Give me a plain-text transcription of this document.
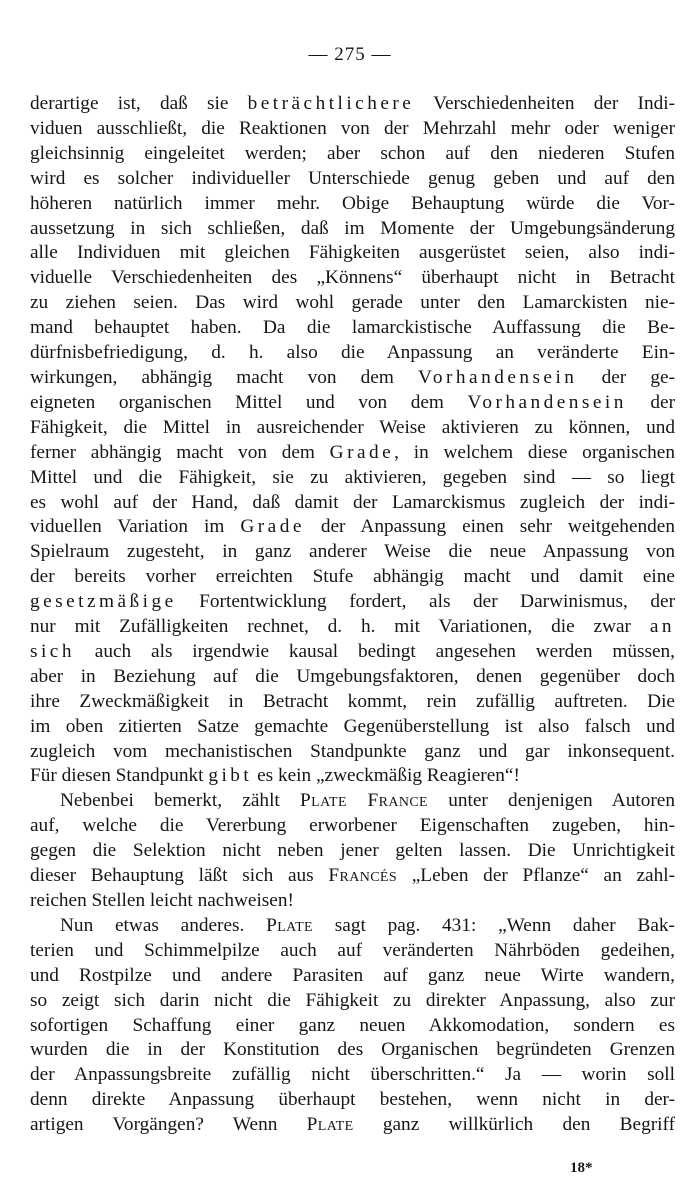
— 275 —
derartige ist, daß sie beträchtlichere Verschiedenheiten der Indi-
viduen ausschließt, die Reaktionen von der Mehrzahl mehr oder weniger
gleichsinnig eingeleitet werden; aber schon auf den niederen Stufen
wird es solcher individueller Unterschiede genug geben und auf den
höheren natürlich immer mehr. Obige Behauptung würde die Vor-
aussetzung in sich schließen, daß im Momente der Umgebungsänderung
alle Individuen mit gleichen Fähigkeiten ausgerüstet seien, also indi-
viduelle Verschiedenheiten des „Könnens“ überhaupt nicht in Betracht
zu ziehen seien. Das wird wohl gerade unter den Lamarckisten nie-
mand behauptet haben. Da die lamarckistische Auffassung die Be-
dürfnisbefriedigung, d. h. also die Anpassung an veränderte Ein-
wirkungen, abhängig macht von dem Vorhandensein der ge-
eigneten organischen Mittel und von dem Vorhandensein der
Fähigkeit, die Mittel in ausreichender Weise aktivieren zu können, und
ferner abhängig macht von dem Grade, in welchem diese organischen
Mittel und die Fähigkeit, sie zu aktivieren, gegeben sind — so liegt
es wohl auf der Hand, daß damit der Lamarckismus zugleich der indi-
viduellen Variation im Grade der Anpassung einen sehr weitgehenden
Spielraum zugesteht, in ganz anderer Weise die neue Anpassung von
der bereits vorher erreichten Stufe abhängig macht und damit eine
gesetzmäßige Fortentwicklung fordert, als der Darwinismus, der
nur mit Zufälligkeiten rechnet, d. h. mit Variationen, die zwar an
sich auch als irgendwie kausal bedingt angesehen werden müssen,
aber in Beziehung auf die Umgebungsfaktoren, denen gegenüber doch
ihre Zweckmäßigkeit in Betracht kommt, rein zufällig auftreten. Die
im oben zitierten Satze gemachte Gegenüberstellung ist also falsch und
zugleich vom mechanistischen Standpunkte ganz und gar inkonsequent.
Für diesen Standpunkt gibt es kein „zweckmäßig Reagieren“!
Nebenbei bemerkt, zählt Plate France unter denjenigen Autoren
auf, welche die Vererbung erworbener Eigenschaften zugeben, hin-
gegen die Selektion nicht neben jener gelten lassen. Die Unrichtigkeit
dieser Behauptung läßt sich aus Francés „Leben der Pflanze“ an zahl-
reichen Stellen leicht nachweisen!
Nun etwas anderes. Plate sagt pag. 431: „Wenn daher Bak-
terien und Schimmelpilze auch auf veränderten Nährböden gedeihen,
und Rostpilze und andere Parasiten auf ganz neue Wirte wandern,
so zeigt sich darin nicht die Fähigkeit zu direkter Anpassung, also zur
sofortigen Schaffung einer ganz neuen Akkomodation, sondern es
wurden die in der Konstitution des Organischen begründeten Grenzen
der Anpassungsbreite zufällig nicht überschritten.“ Ja — worin soll
denn direkte Anpassung überhaupt bestehen, wenn nicht in der-
artigen Vorgängen? Wenn Plate ganz willkürlich den Begriff
18*
